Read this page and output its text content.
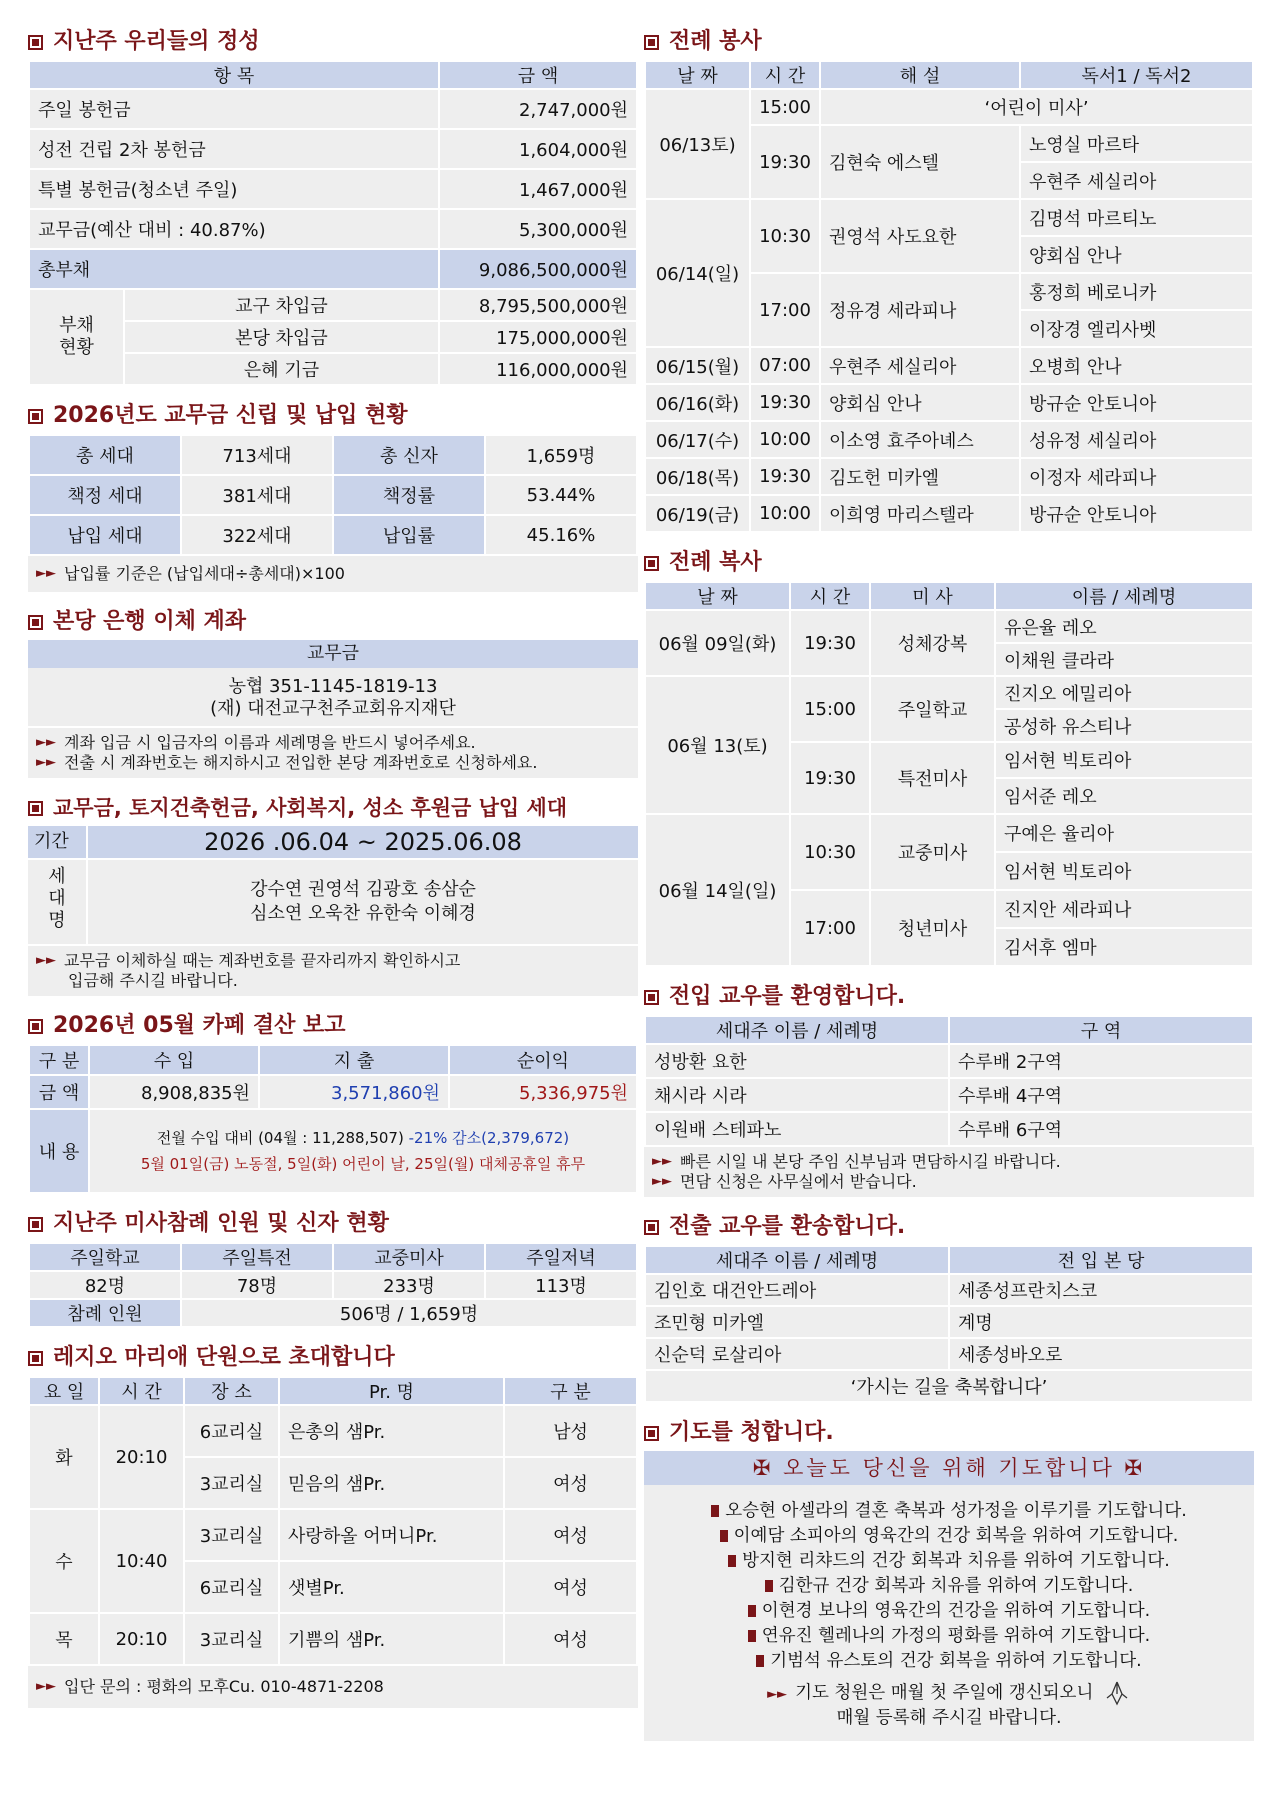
지난주 우리들의 정성
항 목		금 액
주일 봉헌금		2,747,000원
성전 건립 2차 봉헌금		1,604,000원
특별 봉헌금(청소년 주일)		1,467,000원
교무금(예산 대비 : 40.87%)		5,300,000원
총부채		9,086,500,000원
부채 현황	교구 차입금	8,795,500,000원
	본당 차입금	175,000,000원
	은혜 기금	116,000,000원
2026년도 교무금 신립 및 납입 현황
총 세대	713세대	총 신자	1,659명
책정 세대	381세대	책정률	53.44%
납입 세대	322세대	납입률	45.16%
►► 납입률 기준은 (납입세대÷총세대)×100
본당 은행 이체 계좌
교무금
농협 351-1145-1819-13
(재) 대전교구천주교회유지재단
►► 계좌 입금 시 입금자의 이름과 세례명을 반드시 넣어주세요.
►► 전출 시 계좌번호는 해지하시고 전입한 본당 계좌번호로 신청하세요.
교무금, 토지건축헌금, 사회복지, 성소 후원금 납입 세대
기간	2026 .06.04 ~ 2025.06.08
세대명
강수연 권영석 김광호 송삼순
심소연 오욱찬 유한숙 이혜경
►► 교무금 이체하실 때는 계좌번호를 끝자리까지 확인하시고
입금해 주시길 바랍니다.
2026년 05월 카페 결산 보고
구 분	수 입	지 출	순이익
금 액	8,908,835원	3,571,860원	5,336,975원
내 용	전월 수입 대비 (04월 : 11,288,507) -21% 감소(2,379,672)
5월 01일(금) 노동절, 5일(화) 어린이 날, 25일(월) 대체공휴일 휴무		
지난주 미사참례 인원 및 신자 현황
주일학교	주일특전	교중미사	주일저녁
82명	78명	233명	113명
참례 인원	506명 / 1,659명		
레지오 마리애 단원으로 초대합니다
요 일	시 간	장 소	Pr. 명	구 분
화	20:10	6교리실	은총의 샘Pr.	남성
		3교리실	믿음의 샘Pr.	여성
수	10:40	3교리실	사랑하올 어머니Pr.	여성
		6교리실	샛별Pr.	여성
목	20:10	3교리실	기쁨의 샘Pr.	여성
►► 입단 문의 : 평화의 모후Cu. 010-4871-2208
전례 봉사
날 짜	시 간	해 설	독서1 / 독서2
06/13토)	15:00	‘어린이 미사’	
	19:30	김현숙 에스텔	노영실 마르타
			우현주 세실리아
06/14(일)	10:30	권영석 사도요한	김명석 마르티노
			양회심 안나
	17:00	정유경 세라피나	홍정희 베로니카
			이장경 엘리사벳
06/15(월)	07:00	우현주 세실리아	오병희 안나
06/16(화)	19:30	양회심 안나	방규순 안토니아
06/17(수)	10:00	이소영 효주아녜스	성유정 세실리아
06/18(목)	19:30	김도헌 미카엘	이정자 세라피나
06/19(금)	10:00	이희영 마리스텔라	방규순 안토니아
전례 복사
날 짜	시 간	미 사	이름 / 세례명
06월 09일(화)	19:30	성체강복	유은율 레오
			이채원 클라라
06월 13(토)	15:00	주일학교	진지오 에밀리아
			공성하 유스티나
	19:30	특전미사	임서현 빅토리아
			임서준 레오
06월 14일(일)	10:30	교중미사	구예은 율리아
			임서현 빅토리아
	17:00	청년미사	진지안 세라피나
			김서후 엠마
전입 교우를 환영합니다.
세대주 이름 / 세례명	구 역
성방환 요한	수루배 2구역
채시라 시라	수루배 4구역
이원배 스테파노	수루배 6구역
►► 빠른 시일 내 본당 주임 신부님과 면담하시길 바랍니다.
►► 면담 신청은 사무실에서 받습니다.
전출 교우를 환송합니다.
세대주 이름 / 세례명	전 입 본 당
김인호 대건안드레아	세종성프란치스코
조민형 미카엘	계명
신순덕 로살리아	세종성바오로
‘가시는 길을 축복합니다’	
기도를 청합니다.
✠ 오늘도 당신을 위해 기도합니다 ✠
오승현 아셀라의 결혼 축복과 성가정을 이루기를 기도합니다.
이예담 소피아의 영육간의 건강 회복을 위하여 기도합니다.
방지현 리챠드의 건강 회복과 치유를 위하여 기도합니다.
김한규 건강 회복과 치유를 위하여 기도합니다.
이현경 보나의 영육간의 건강을 위하여 기도합니다.
연유진 헬레나의 가정의 평화를 위하여 기도합니다.
기범석 유스토의 건강 회복을 위하여 기도합니다.
►► 기도 청원은 매월 첫 주일에 갱신되오니
매월 등록해 주시길 바랍니다.
